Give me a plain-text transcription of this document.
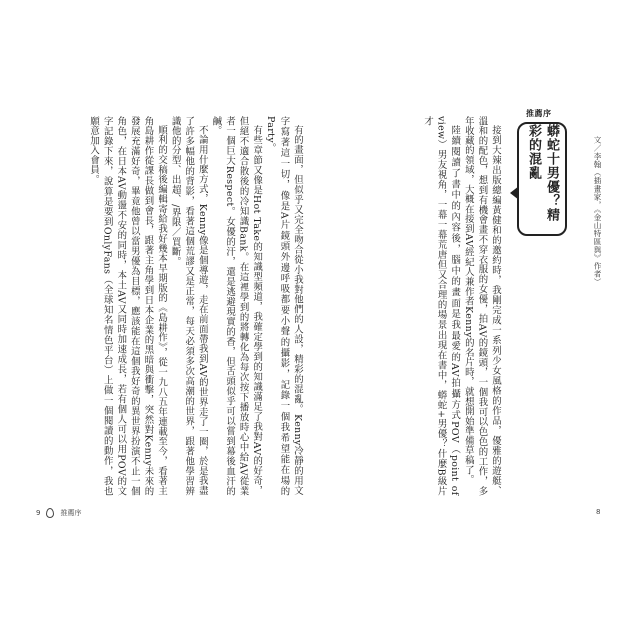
有的畫面，但似乎又完全吻合從小我對他們的人設，精彩的混亂。Kenny冷靜的用文字寫著這一切，像是A片鏡頭外邊呼吸都要小聲的攝影，記錄一個我希望能在場的Party。

有些章節又像是Hot Take的知識型頻道，我確定學到的知識滿足了我對AV的好奇，但絕不適合散後的冷知識Bank。在這裡學到的將轉化為每次按下播放時心中給AV從業者一個巨大Respect。女優的汗，還是逃避現實的香，但舌頭似乎可以嘗到幕後血汗的鹹。

不論用什麼方式，Kenny像是個導遊，走在前面帶我到AV的世界走了一圈，於是我盡了許多幅他的背影，看著這個荒謬又是正常，每天必須多次高潮的世界，跟著他學習辨識他的分型、出超、/界限／買斷。

順利的交稿後編輯寄給我好幾本早期版的《島耕作》，從一九八五年連載至今，看著主角島耕作從課長做到會長，跟著主角學到日本企業的黑暗與衝擊，突然對Kenny未來的發展充滿好奇，畢竟他曾以當男優為目標，應該能在這個我好奇的異世界扮演不止一個角色，在日本AV動盪不安的同時，本土AV又同時加速成長，若有個人可以用POV的文字記錄下來，說算是要到OnlyFans（全球知名情色平台）上做一個閱讀的動作，我也願意加入會員。

9	推薦序

接到大辣出版總編黃健和的邀約時，我剛完成一系列少女風格的作品，優雅的遊艇、溫和的配色，想到有機會畫不穿衣服的女優，拍AV的鏡頭，一個我可以色色的工作，多年收藏的領域，大概在接到AV經紀人兼作者Kenny的名片時，就想開始準備草稿了。

陸續閱讀了書中的內容後，腦中的畫面是我最愛的AV拍攝方式POV（point of view）男友視角，一幕一幕荒唐但又合理的場景出現在書中，蟒蛇+男優？什麼B級片才

推薦序
蟒蛇十男優？精彩的混亂	文／李翰（插畫家，《金山特區與》作者）
8
